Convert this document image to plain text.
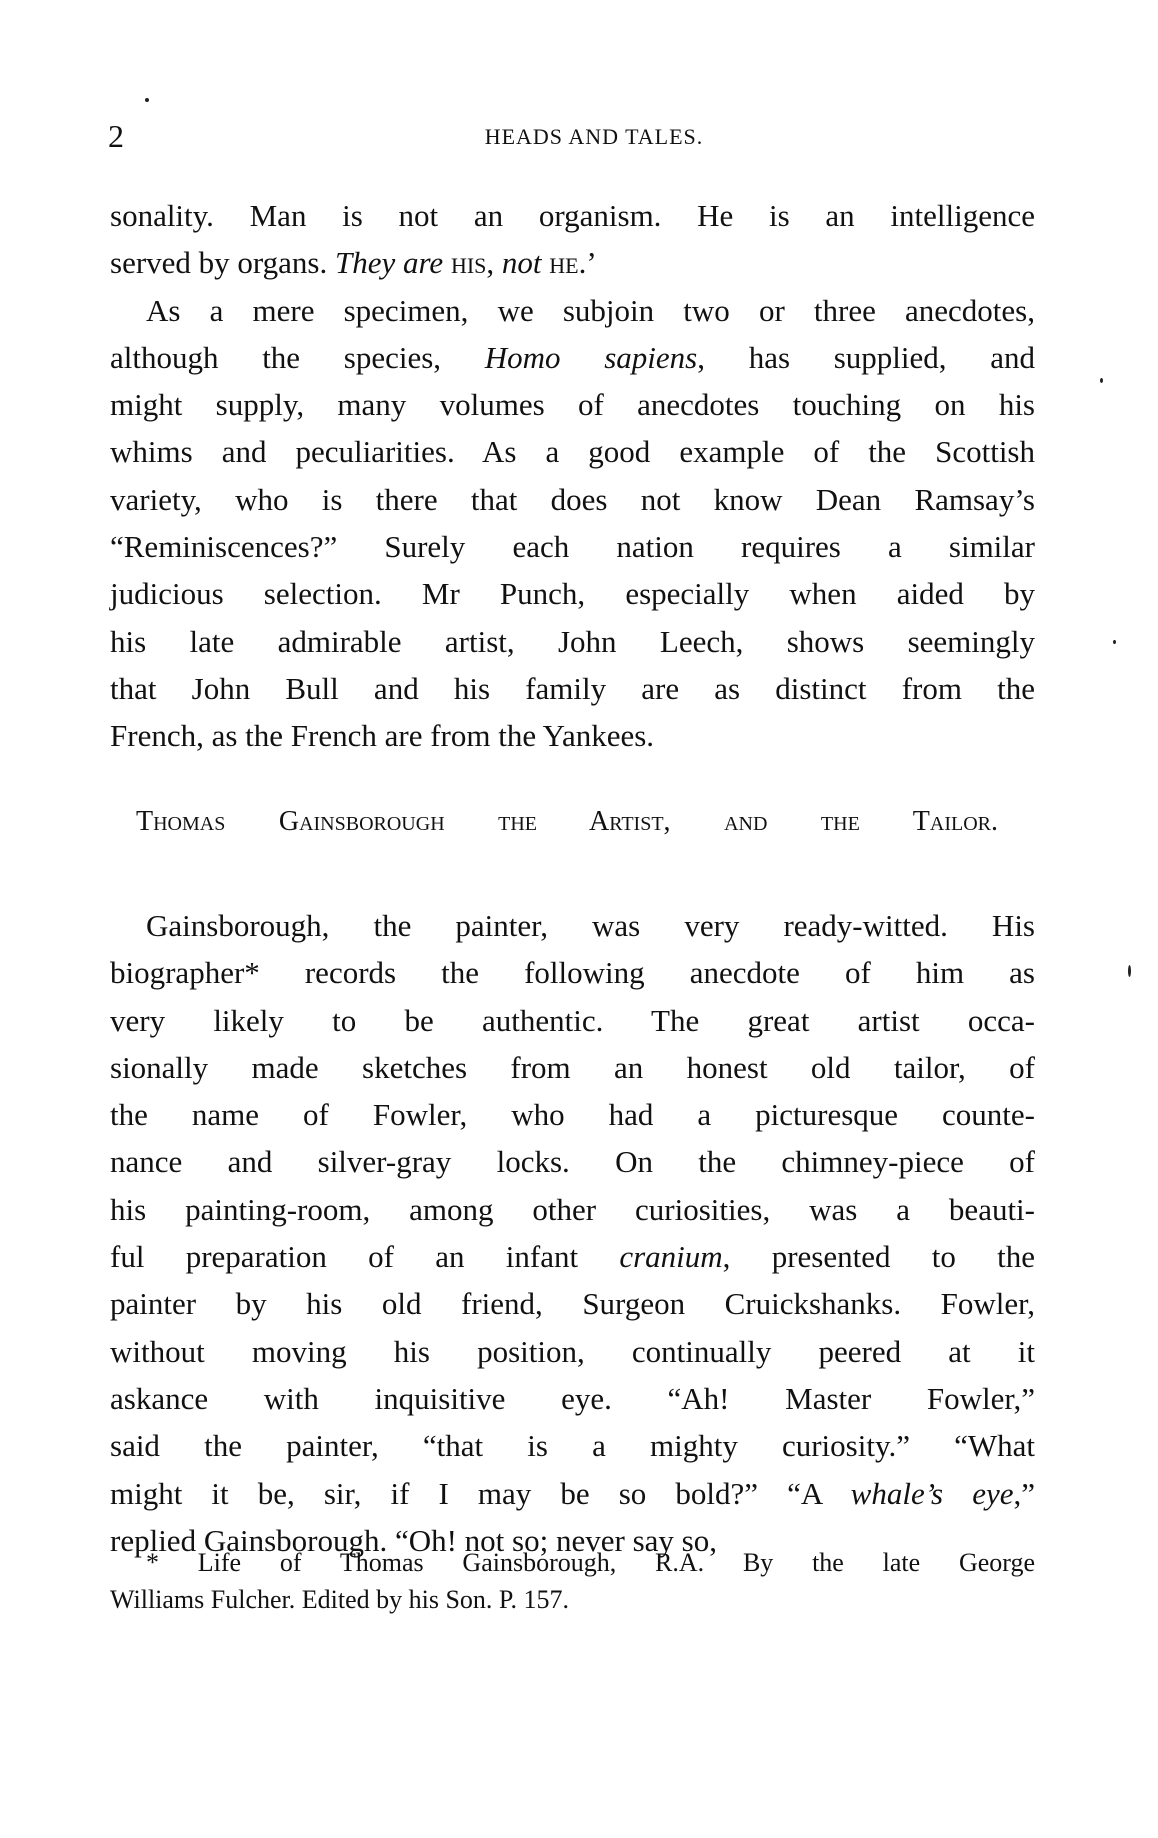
2	HEADS AND TALES.
sonality. Man is not an organism. He is an intelligence
served by organs. They are his, not he.’
As a mere specimen, we subjoin two or three anecdotes,
although the species, Homo sapiens, has supplied, and
might supply, many volumes of anecdotes touching on his
whims and peculiarities. As a good example of the Scottish
variety, who is there that does not know Dean Ramsay’s
“Reminiscences?” Surely each nation requires a similar
judicious selection. Mr Punch, especially when aided by
his late admirable artist, John Leech, shows seemingly
that John Bull and his family are as distinct from the
French, as the French are from the Yankees.
Thomas Gainsborough the Artist, and the Tailor.
Gainsborough, the painter, was very ready-witted. His
biographer* records the following anecdote of him as
very likely to be authentic. The great artist occa-
sionally made sketches from an honest old tailor, of
the name of Fowler, who had a picturesque counte-
nance and silver-gray locks. On the chimney-piece of
his painting-room, among other curiosities, was a beauti-
ful preparation of an infant cranium, presented to the
painter by his old friend, Surgeon Cruickshanks. Fowler,
without moving his position, continually peered at it
askance with inquisitive eye. “Ah! Master Fowler,”
said the painter, “that is a mighty curiosity.” “What
might it be, sir, if I may be so bold?” “A whale’s eye,”
replied Gainsborough. “Oh! not so; never say so,
* Life of Thomas Gainsborough, R.A. By the late George
Williams Fulcher. Edited by his Son. P. 157.
